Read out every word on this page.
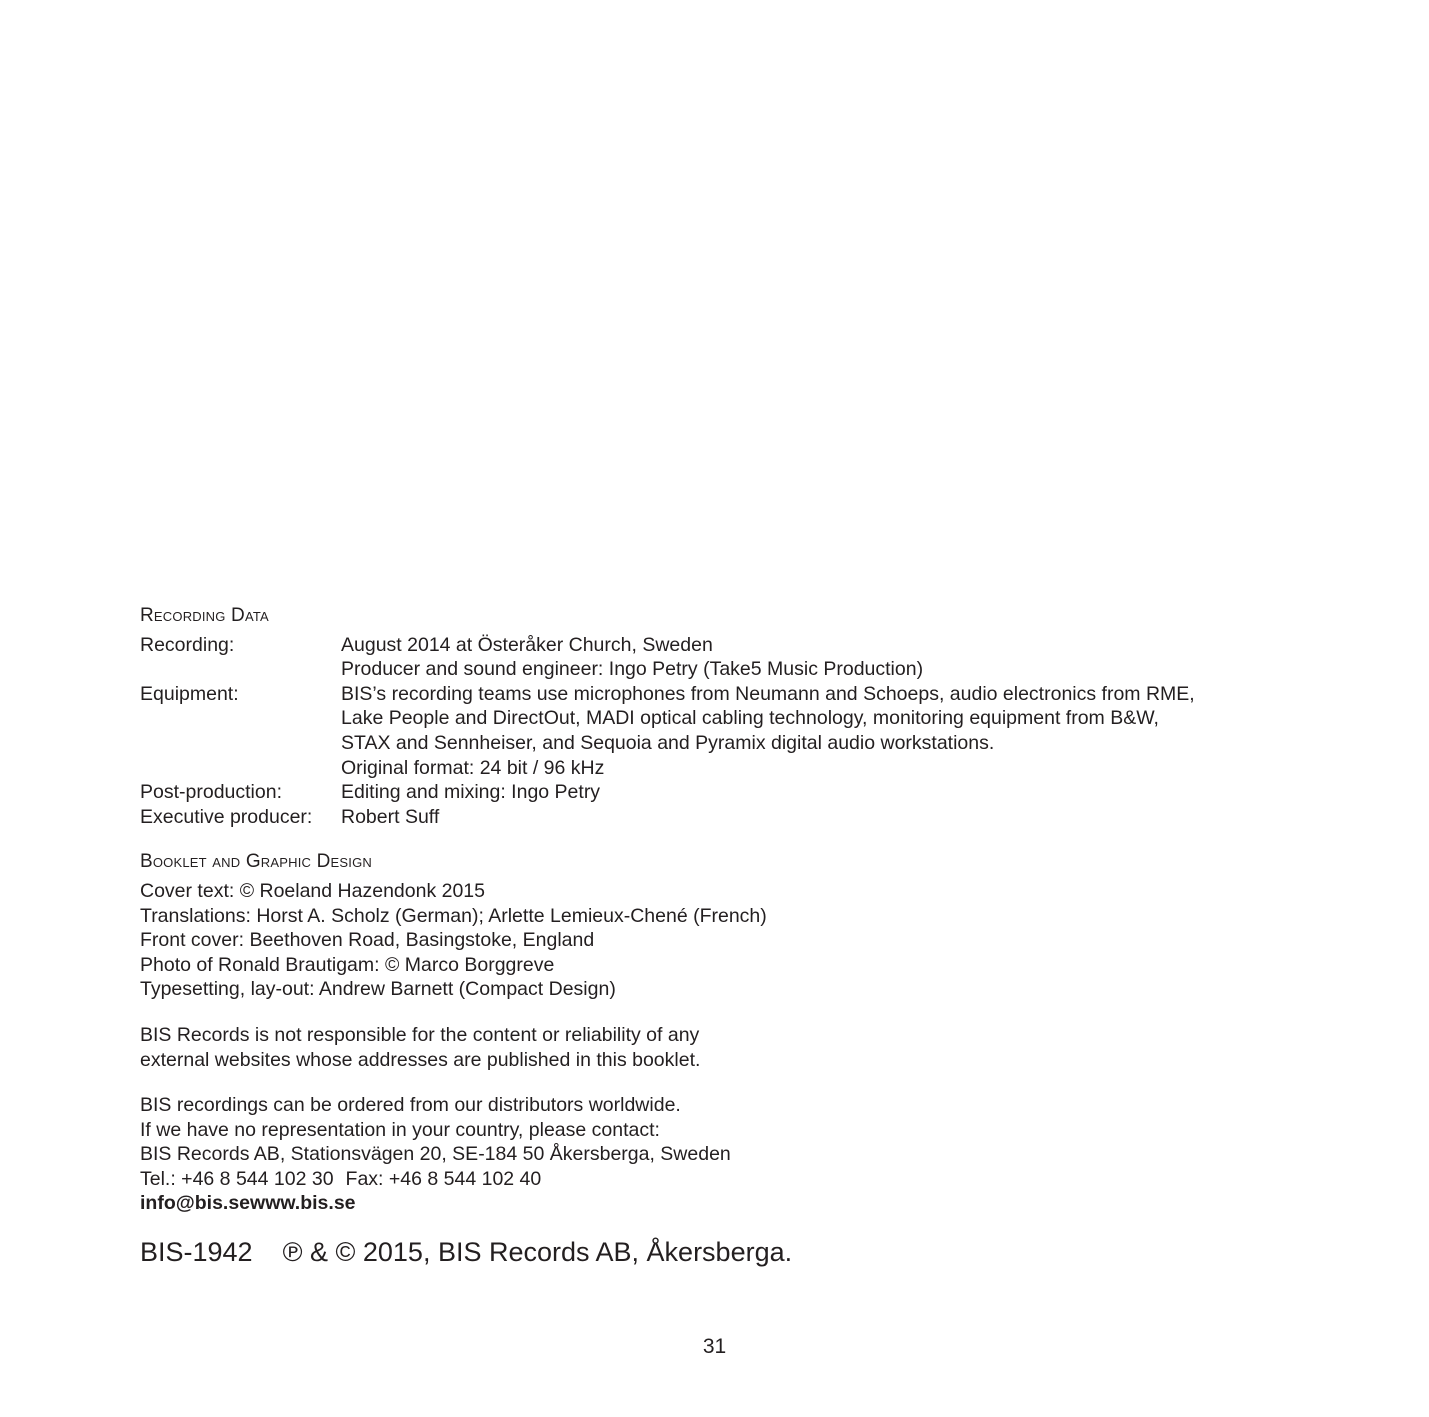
Recording Data
Recording:	August 2014 at Österåker Church, Sweden
Producer and sound engineer: Ingo Petry (Take5 Music Production)
Equipment:	BIS’s recording teams use microphones from Neumann and Schoeps, audio electronics from RME,
Lake People and DirectOut, MADI optical cabling technology, monitoring equipment from B&W,
STAX and Sennheiser, and Sequoia and Pyramix digital audio workstations.
Original format: 24 bit / 96 kHz
Post-production:	Editing and mixing: Ingo Petry
Executive producer:	Robert Suff
Booklet and Graphic Design
Cover text: © Roeland Hazendonk 2015
Translations: Horst A. Scholz (German); Arlette Lemieux-Chené (French)
Front cover: Beethoven Road, Basingstoke, England
Photo of Ronald Brautigam: © Marco Borggreve
Typesetting, lay-out: Andrew Barnett (Compact Design)
BIS Records is not responsible for the content or reliability of any
external websites whose addresses are published in this booklet.
BIS recordings can be ordered from our distributors worldwide.
If we have no representation in your country, please contact:
BIS Records AB, Stationsvägen 20, SE-184 50 Åkersberga, Sweden
Tel.: +46 8 544 102 30 Fax: +46 8 544 102 40
info@bis.sewww.bis.se
BIS-1942 ℗ & © 2015, BIS Records AB, Åkersberga.
31
